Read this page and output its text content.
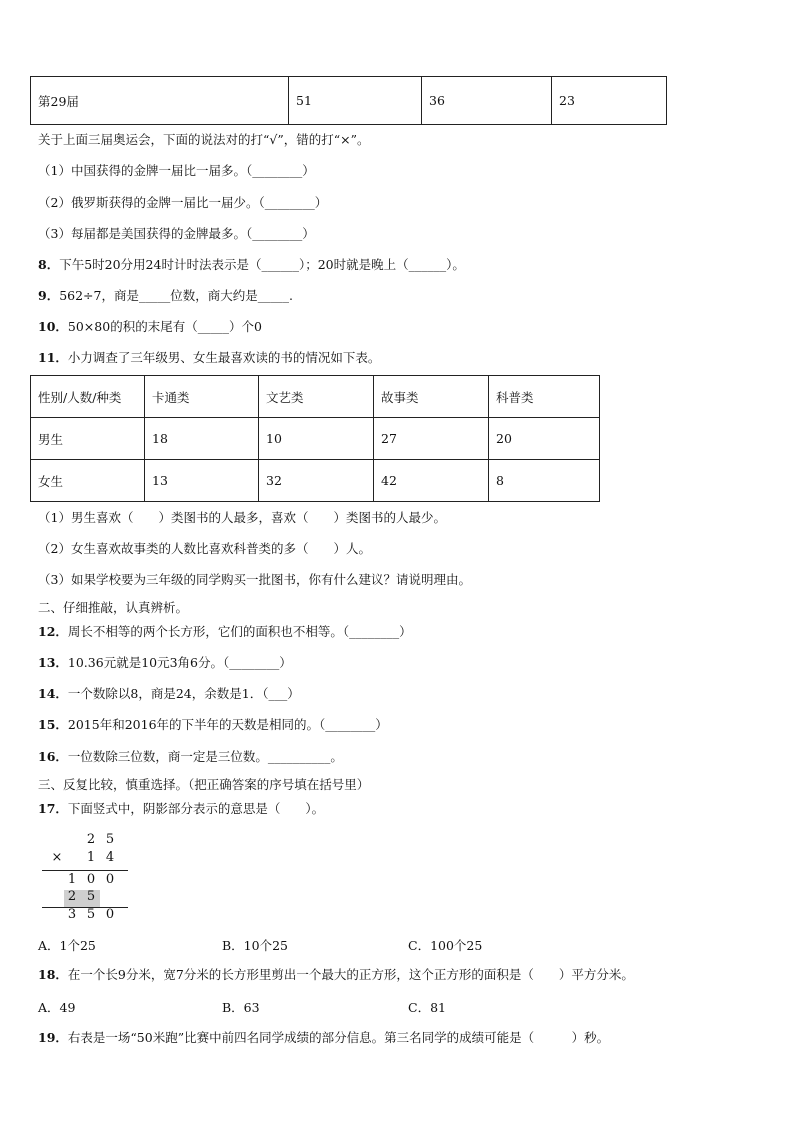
第29届	51	36	23
关于上面三届奥运会，下面的说法对的打“√”，错的打“×”。
（1）中国获得的金牌一届比一届多。（________）
（2）俄罗斯获得的金牌一届比一届少。（________）
（3）每届都是美国获得的金牌最多。（________）
8．下午5时20分用24时计时法表示是（______）；20时就是晚上（______）。
9．562÷7，商是_____位数，商大约是_____.
10．50×80的积的末尾有（_____）个0
11．小力调查了三年级男、女生最喜欢读的书的情况如下表。
性别/人数/种类	卡通类	文艺类	故事类	科普类
男生	18	10	27	20
女生	13	32	42	8
（1）男生喜欢（　　）类图书的人最多，喜欢（　　）类图书的人最少。
（2）女生喜欢故事类的人数比喜欢科普类的多（　　）人。
（3）如果学校要为三年级的同学购买一批图书，你有什么建议？请说明理由。
二、仔细推敲，认真辨析。
12．周长不相等的两个长方形，它们的面积也不相等。（________）
13．10.36元就是10元3角6分。（________）
14．一个数除以8，商是24，余数是1．（___）
15．2015年和2016年的下半年的天数是相同的。（________）
16．一位数除三位数，商一定是三位数。__________。
三、反复比较，慎重选择。（把正确答案的序号填在括号里）
17．下面竖式中，阴影部分表示的意思是（　　）。
2 5
×	1 4
1 0 0
2 5
3 5 0
A．1个25	B．10个25	C．100个25
18．在一个长9分米，宽7分米的长方形里剪出一个最大的正方形，这个正方形的面积是（　　）平方分米。
A．49	B．63	C．81
19．右表是一场“50米跑”比赛中前四名同学成绩的部分信息。第三名同学的成绩可能是（　　　）秒。
